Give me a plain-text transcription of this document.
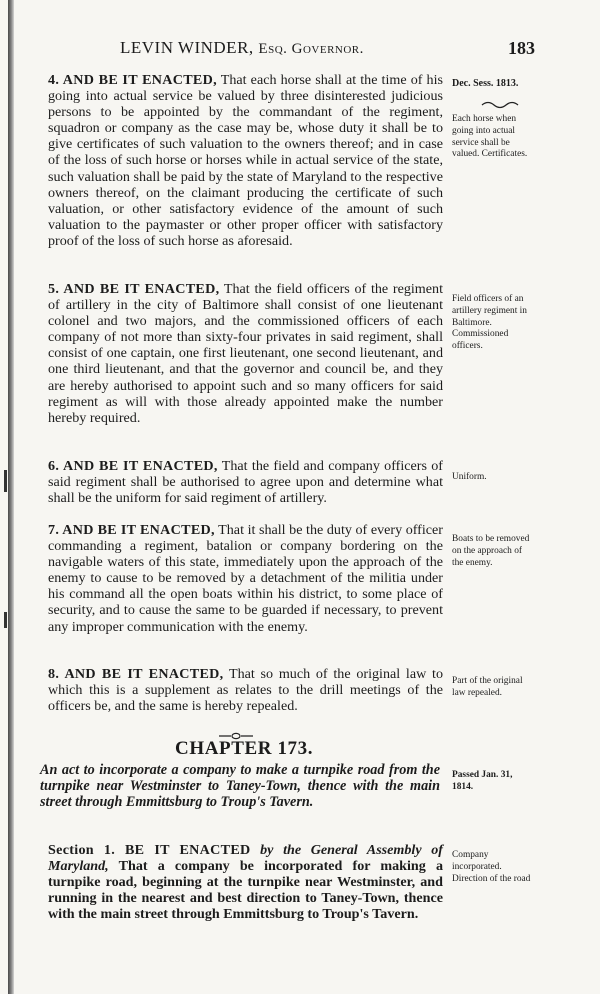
LEVIN WINDER, Esq. Governor.	183
4. AND BE IT ENACTED, That each horse shall at the time of his going into actual service be valued by three disinterested judicious persons to be appointed by the commandant of the regiment, squadron or company as the case may be, whose duty it shall be to give certificates of such valuation to the owners thereof; and in case of the loss of such horse or horses while in actual service of the state, such valuation shall be paid by the state of Maryland to the respective owners thereof, on the claimant producing the certificate of such valuation, or other satisfactory evidence of the amount of such valuation to the paymaster or other proper officer with satisfactory proof of the loss of such horse as aforesaid.
5. AND BE IT ENACTED, That the field officers of the regiment of artillery in the city of Baltimore shall consist of one lieutenant colonel and two majors, and the commissioned officers of each company of not more than sixty-four privates in said regiment, shall consist of one captain, one first lieutenant, one second lieutenant, and one third lieutenant, and that the governor and council be, and they are hereby authorised to appoint such and so many officers for said regiment as will with those already appointed make the number hereby required.
6. AND BE IT ENACTED, That the field and company officers of said regiment shall be authorised to agree upon and determine what shall be the uniform for said regiment of artillery.
7. AND BE IT ENACTED, That it shall be the duty of every officer commanding a regiment, batalion or company bordering on the navigable waters of this state, immediately upon the approach of the enemy to cause to be removed by a detachment of the militia under his command all the open boats within his district, to some place of security, and to cause the same to be guarded if necessary, to prevent any improper communication with the enemy.
8. AND BE IT ENACTED, That so much of the original law to which this is a supplement as relates to the drill meetings of the officers be, and the same is hereby repealed.
Dec. Sess. 1813.
Each horse when going into actual service shall be valued. Certificates.
Field officers of an artillery regiment in Baltimore. Commissioned officers.
Uniform.
Boats to be removed on the approach of the enemy.
Part of the original law repealed.
Passed Jan. 31, 1814.
Company incorporated. Direction of the road
CHAPTER 173.
An act to incorporate a company to make a turnpike road from the turnpike near Westminster to Taney-Town, thence with the main street through Emmittsburg to Troup's Tavern.
Section 1. BE IT ENACTED by the General Assembly of Maryland, That a company be incorporated for making a turnpike road, beginning at the turnpike near Westminster, and running in the nearest and best direction to Taney-Town, thence with the main street through Emmittsburg to Troup's Tavern.
